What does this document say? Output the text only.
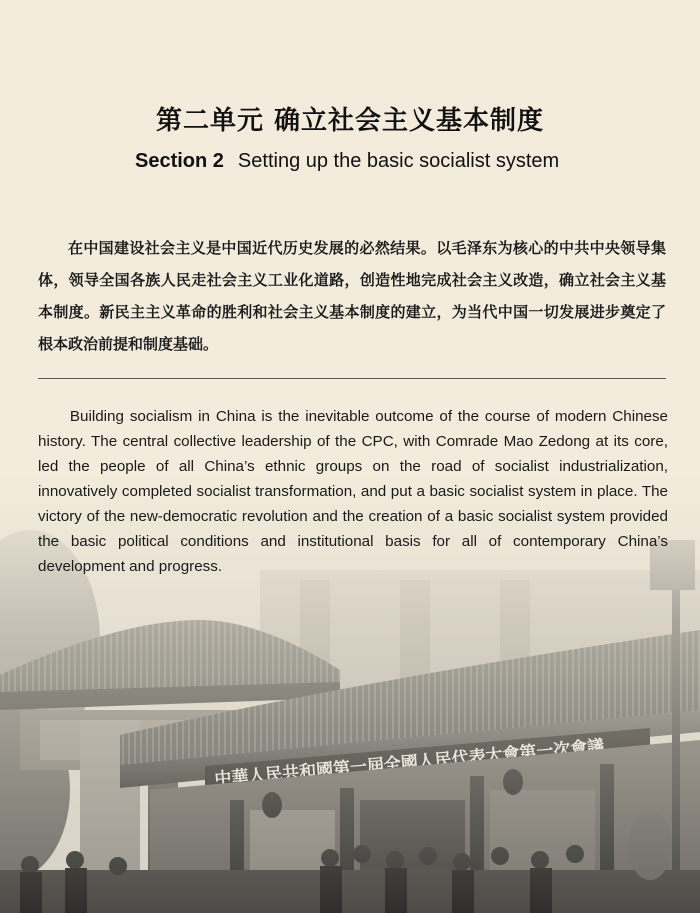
第二单元 确立社会主义基本制度
Section 2 Setting up the basic socialist system
在中国建设社会主义是中国近代历史发展的必然结果。以毛泽东为核心的中共中央领导集体，领导全国各族人民走社会主义工业化道路，创造性地完成社会主义改造，确立社会主义基本制度。新民主主义革命的胜利和社会主义基本制度的建立，为当代中国一切发展进步奠定了根本政治前提和制度基础。
Building socialism in China is the inevitable outcome of the course of modern Chinese history. The central collective leadership of the CPC, with Comrade Mao Zedong at its core, led the people of all China’s ethnic groups on the road of socialist industrialization, innovatively completed socialist transformation, and put a basic socialist system in place. The victory of the new-democratic revolution and the creation of a basic socialist system provided the basic political conditions and institutional basis for all of contemporary China’s development and progress.
